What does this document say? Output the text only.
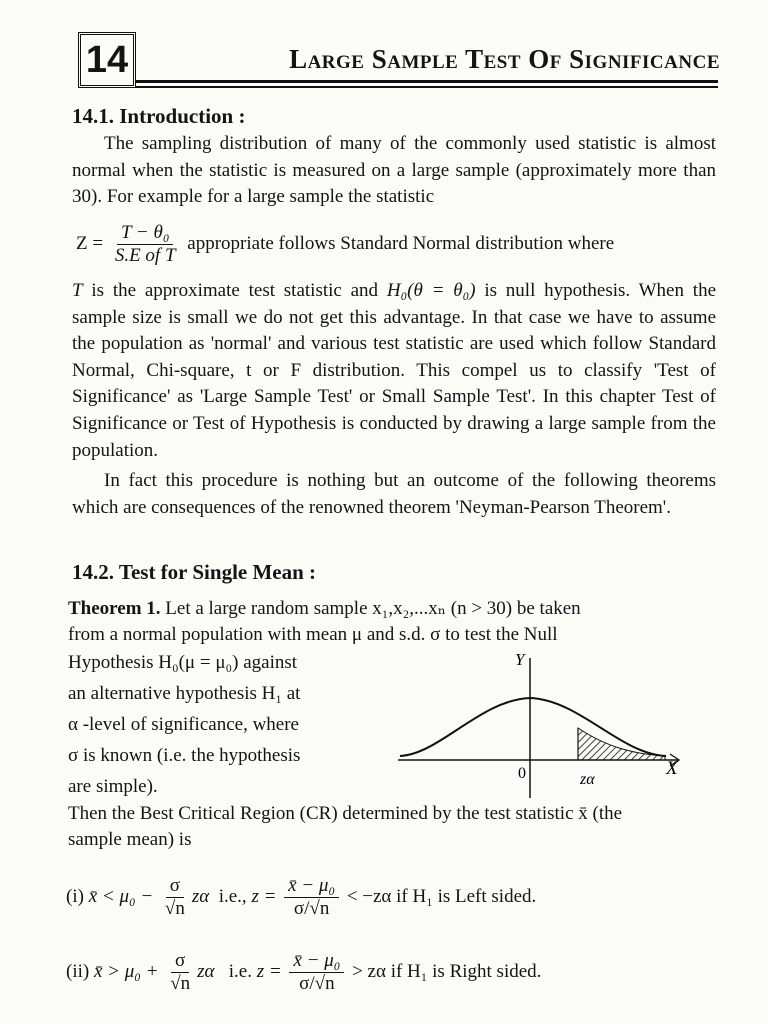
14	Large Sample Test Of Significance
14.1. Introduction :
The sampling distribution of many of the commonly used statistic is almost normal when the statistic is measured on a large sample (approximately more than 30). For example for a large sample the statistic
$Z = \frac{\text{T − θ₀}}{\text{S.E of T}}$ appropriate follows Standard Normal distribution where
T is the approximate test statistic and H₀(θ = θ₀) is null hypothesis. When the sample size is small we do not get this advantage. In that case we have to assume the population as 'normal' and various test statistic are used which follow Standard Normal, Chi-square, t or F distribution. This compel us to classify 'Test of Significance' as 'Large Sample Test' or Small Sample Test'. In this chapter Test of Significance or Test of Hypothesis is conducted by drawing a large sample from the population.
In fact this procedure is nothing but an outcome of the following theorems which are consequences of the renowned theorem 'Neyman-Pearson Theorem'.
14.2. Test for Single Mean :
Theorem 1. Let a large random sample x₁,x₂,...xₙ (n > 30) be taken
from a normal population with mean μ and s.d. σ to test the Null
Hypothesis H₀(μ = μ₀) against
an alternative hypothesis H₁ at
α -level of significance, where
σ is known (i.e. the hypothesis
are simple).
Y
X
0	zα
Then the Best Critical Region (CR) determined by the test statistic x̄ (the
sample mean) is
(i) x̄ < $\mu_0 - \frac{\sigma}{√n}$ zα i.e., $z = \frac{\text{x̄ − μ₀}}{\sigma/√n} < -z\alpha$ if H₁ is Left sided.
(ii) x̄ > $\mu_0 + \frac{\sigma}{√n}$ zα i.e. $z = \frac{\text{x̄ − μ₀}}{\sigma/√n} > z\alpha$ if H₁ is Right sided.
